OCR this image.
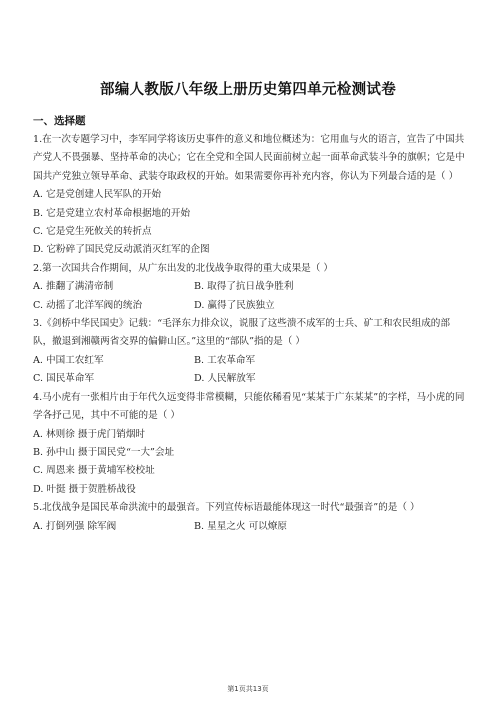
部编人教版八年级上册历史第四单元检测试卷
一、选择题

1.在一次专题学习中，李军同学将该历史事件的意义和地位概述为：它用血与火的语言，宣告了中国共产党人不畏强暴、坚持革命的决心；它在全党和全国人民面前树立起一面革命武装斗争的旗帜；它是中国共产党独立领导革命、武装夺取政权的开始。如果需要你再补充内容，你认为下列最合适的是（ ）

A. 它是党创建人民军队的开始
B. 它是党建立农村革命根据地的开始
C. 它是党生死攸关的转折点
D. 它粉碎了国民党反动派消灭红军的企图

2.第一次国共合作期间，从广东出发的北伐战争取得的重大成果是（ ）

A. 推翻了满清帝制	B. 取得了抗日战争胜利
C. 动摇了北洋军阀的统治	D. 赢得了民族独立

3.《剑桥中华民国史》记载：“毛泽东力排众议，说服了这些溃不成军的士兵、矿工和农民组成的部队，撤退到湘赣两省交界的偏僻山区。”这里的“部队”指的是（ ）

A. 中国工农红军	B. 工农革命军
C. 国民革命军	D. 人民解放军

4.马小虎有一张相片由于年代久远变得非常模糊，只能依稀看见“某某于广东某某”的字样，马小虎的同学各抒己见，其中不可能的是（ ）

A. 林则徐 摄于虎门销烟时
B. 孙中山 摄于国民党“一大”会址
C. 周恩来 摄于黄埔军校校址
D. 叶挺 摄于贺胜桥战役

5.北伐战争是国民革命洪流中的最强音。下列宣传标语最能体现这一时代“最强音”的是（ ）

A. 打倒列强 除军阀	B. 星星之火 可以燎原
第1页共13页
